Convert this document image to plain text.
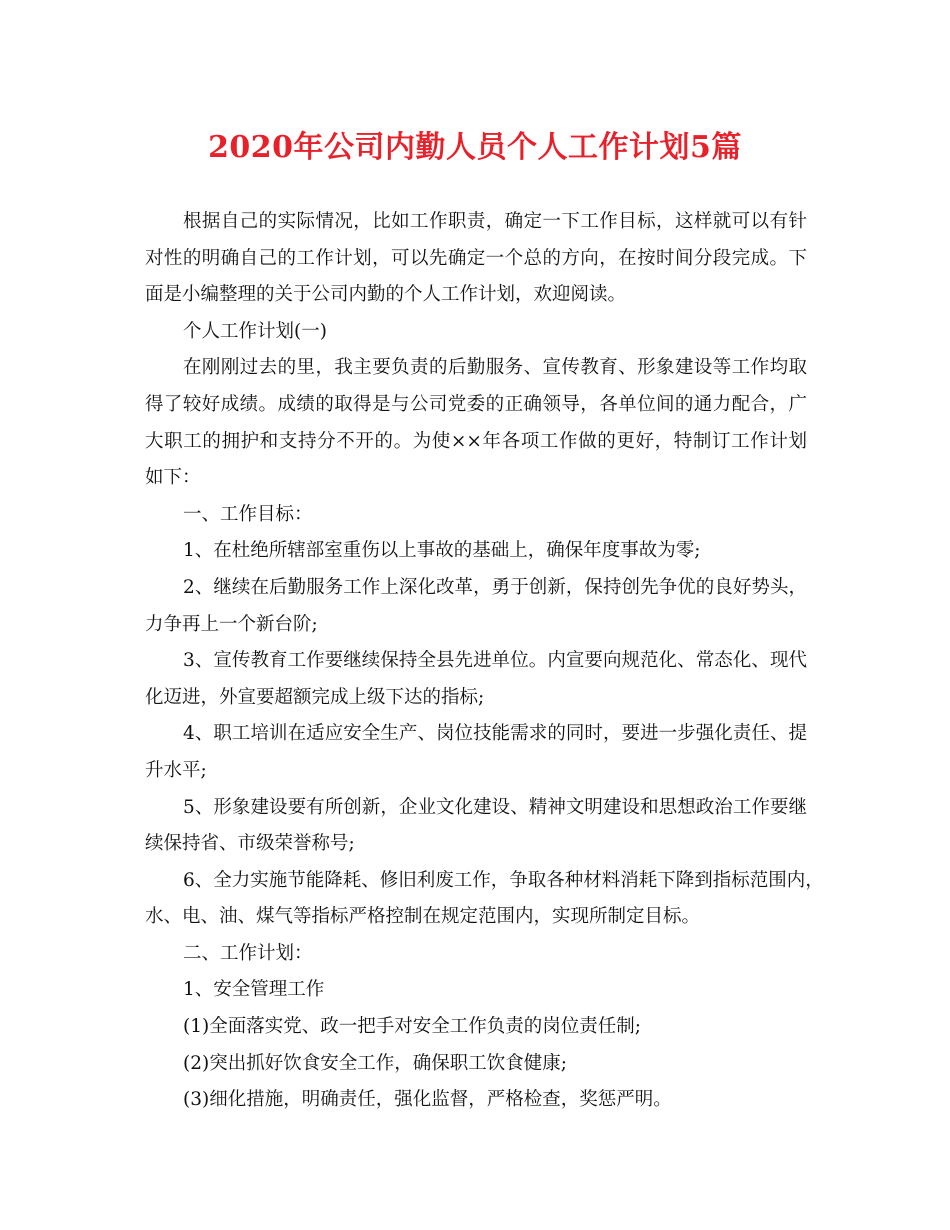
2020年公司内勤人员个人工作计划5篇
根据自己的实际情况，比如工作职责，确定一下工作目标，这样就可以有针
对性的明确自己的工作计划，可以先确定一个总的方向，在按时间分段完成。下
面是小编整理的关于公司内勤的个人工作计划，欢迎阅读。
个人工作计划(一)
在刚刚过去的里，我主要负责的后勤服务、宣传教育、形象建设等工作均取
得了较好成绩。成绩的取得是与公司党委的正确领导，各单位间的通力配合，广
大职工的拥护和支持分不开的。为使××年各项工作做的更好，特制订工作计划
如下：
一、工作目标：
1、在杜绝所辖部室重伤以上事故的基础上，确保年度事故为零;
2、继续在后勤服务工作上深化改革，勇于创新，保持创先争优的良好势头，
力争再上一个新台阶;
3、宣传教育工作要继续保持全县先进单位。内宣要向规范化、常态化、现代
化迈进，外宣要超额完成上级下达的指标;
4、职工培训在适应安全生产、岗位技能需求的同时，要进一步强化责任、提
升水平;
5、形象建设要有所创新，企业文化建设、精神文明建设和思想政治工作要继
续保持省、市级荣誉称号;
6、全力实施节能降耗、修旧利废工作，争取各种材料消耗下降到指标范围内，
水、电、油、煤气等指标严格控制在规定范围内，实现所制定目标。
二、工作计划：
1、安全管理工作
(1)全面落实党、政一把手对安全工作负责的岗位责任制;
(2)突出抓好饮食安全工作，确保职工饮食健康;
(3)细化措施，明确责任，强化监督，严格检查，奖惩严明。
